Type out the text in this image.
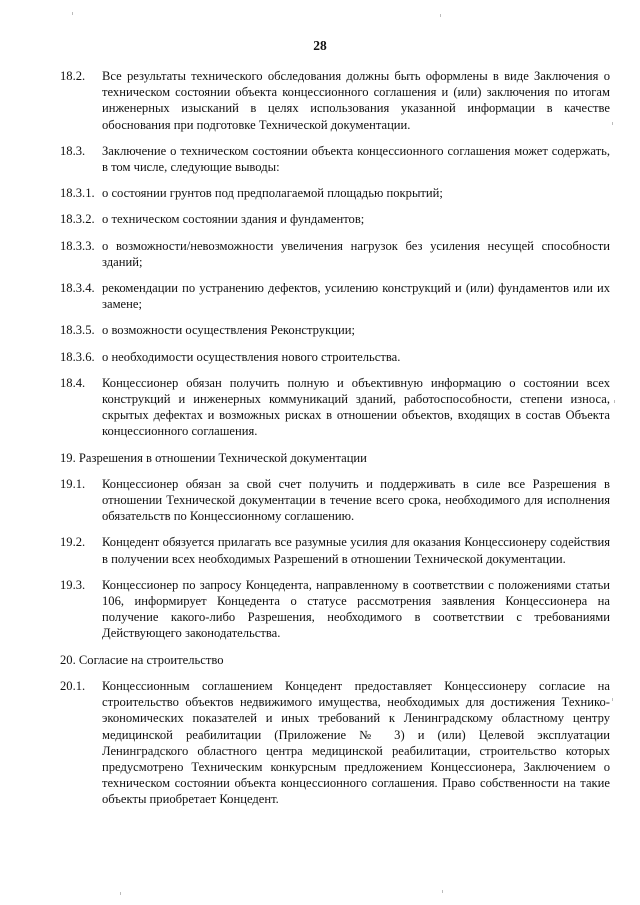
28
18.2.	Все результаты технического обследования должны быть оформлены в виде Заключения о техническом состоянии объекта концессионного соглашения и (или) заключения по итогам инженерных изысканий в целях использования указанной информации в качестве обоснования при подготовке Технической документации.
18.3.	Заключение о техническом состоянии объекта концессионного соглашения может содержать, в том числе, следующие выводы:
18.3.1. о состоянии грунтов под предполагаемой площадью покрытий;
18.3.2. о техническом состоянии здания и фундаментов;
18.3.3. о возможности/невозможности увеличения нагрузок без усиления несущей способности зданий;
18.3.4. рекомендации по устранению дефектов, усилению конструкций и (или) фундаментов или их замене;
18.3.5. о возможности осуществления Реконструкции;
18.3.6. о необходимости осуществления нового строительства.
18.4.	Концессионер обязан получить полную и объективную информацию о состоянии всех конструкций и инженерных коммуникаций зданий, работоспособности, степени износа, скрытых дефектах и возможных рисках в отношении объектов, входящих в состав Объекта концессионного соглашения.
19. Разрешения в отношении Технической документации
19.1.	Концессионер обязан за свой счет получить и поддерживать в силе все Разрешения в отношении Технической документации в течение всего срока, необходимого для исполнения обязательств по Концессионному соглашению.
19.2.	Концедент обязуется прилагать все разумные усилия для оказания Концессионеру содействия в получении всех необходимых Разрешений в отношении Технической документации.
19.3.	Концессионер по запросу Концедента, направленному в соответствии с положениями статьи 106, информирует Концедента о статусе рассмотрения заявления Концессионера на получение какого-либо Разрешения, необходимого в соответствии с требованиями Действующего законодательства.
20. Согласие на строительство
20.1.	Концессионным соглашением Концедент предоставляет Концессионеру согласие на строительство объектов недвижимого имущества, необходимых для достижения Технико-экономических показателей и иных требований к Ленинградскому областному центру медицинской реабилитации (Приложение № 3) и (или) Целевой эксплуатации Ленинградского областного центра медицинской реабилитации, строительство которых предусмотрено Техническим конкурсным предложением Концессионера, Заключением о техническом состоянии объекта концессионного соглашения. Право собственности на такие объекты приобретает Концедент.
